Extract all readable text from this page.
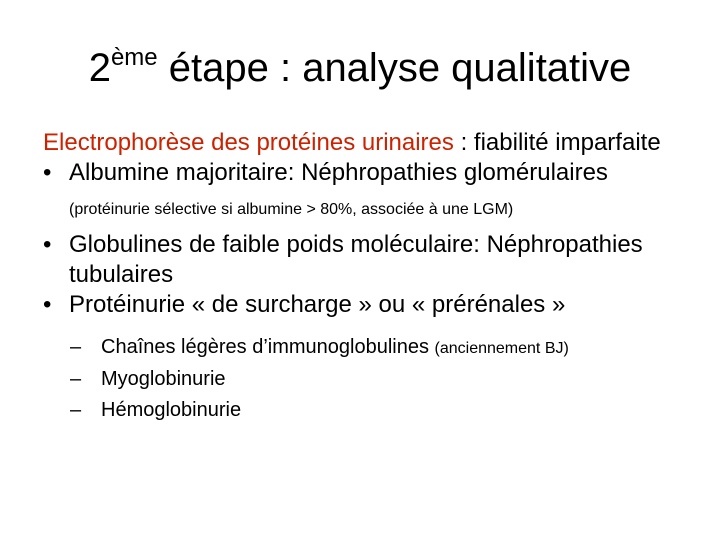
2ème étape : analyse qualitative
Electrophorèse des protéines urinaires : fiabilité imparfaite
• Albumine majoritaire: Néphropathies glomérulaires
(protéinurie sélective si albumine > 80%, associée à une LGM)
• Globulines de faible poids moléculaire: Néphropathies tubulaires
• Protéinurie « de surcharge » ou « prérénales »
– Chaînes légères d’immunoglobulines (anciennement BJ)
– Myoglobinurie
– Hémoglobinurie
